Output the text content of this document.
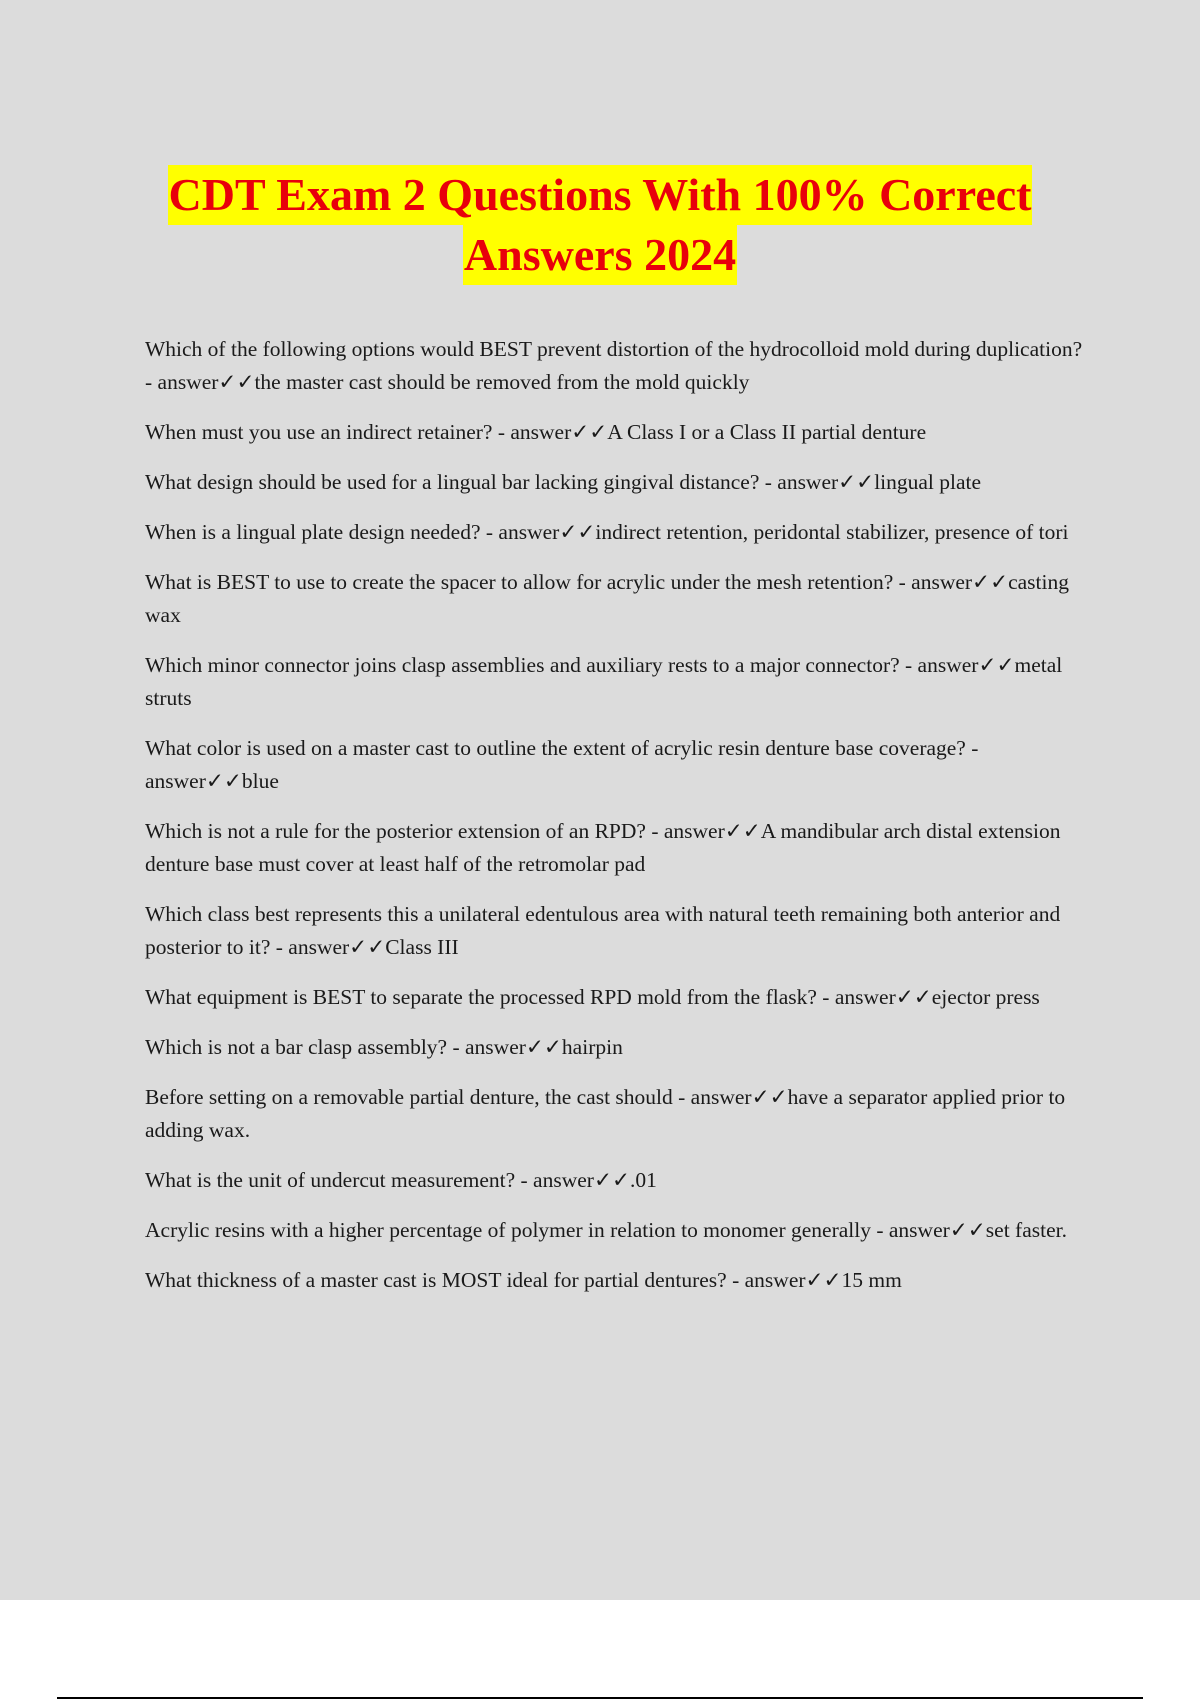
CDT Exam 2 Questions With 100% Correct
Answers 2024
Which of the following options would BEST prevent distortion of the hydrocolloid mold during duplication? - answer✓✓the master cast should be removed from the mold quickly
When must you use an indirect retainer? - answer✓✓A Class I or a Class II partial denture
What design should be used for a lingual bar lacking gingival distance? - answer✓✓lingual plate
When is a lingual plate design needed? - answer✓✓indirect retention, peridontal stabilizer, presence of tori
What is BEST to use to create the spacer to allow for acrylic under the mesh retention? - answer✓✓casting wax
Which minor connector joins clasp assemblies and auxiliary rests to a major connector? - answer✓✓metal struts
What color is used on a master cast to outline the extent of acrylic resin denture base coverage? - answer✓✓blue
Which is not a rule for the posterior extension of an RPD? - answer✓✓A mandibular arch distal extension denture base must cover at least half of the retromolar pad
Which class best represents this a unilateral edentulous area with natural teeth remaining both anterior and posterior to it? - answer✓✓Class III
What equipment is BEST to separate the processed RPD mold from the flask? - answer✓✓ejector press
Which is not a bar clasp assembly? - answer✓✓hairpin
Before setting on a removable partial denture, the cast should - answer✓✓have a separator applied prior to adding wax.
What is the unit of undercut measurement? - answer✓✓.01
Acrylic resins with a higher percentage of polymer in relation to monomer generally - answer✓✓set faster.
What thickness of a master cast is MOST ideal for partial dentures? - answer✓✓15 mm
